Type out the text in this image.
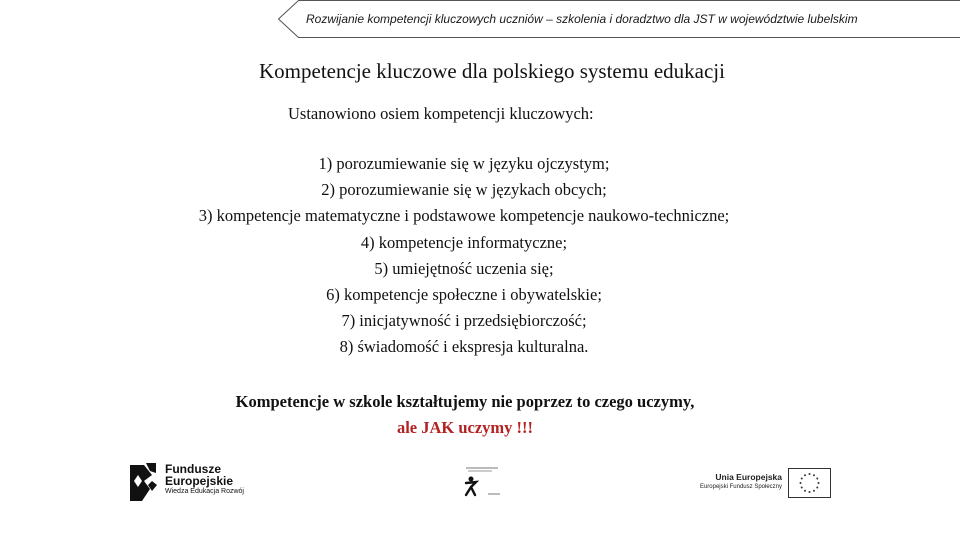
Rozwijanie kompetencji kluczowych uczniów – szkolenia i doradztwo dla JST w województwie lubelskim
Kompetencje kluczowe dla polskiego systemu edukacji
Ustanowiono osiem kompetencji kluczowych:
1) porozumiewanie się w języku ojczystym;
2) porozumiewanie się w językach obcych;
3) kompetencje matematyczne i podstawowe kompetencje naukowo-techniczne;
4) kompetencje informatyczne;
5) umiejętność uczenia się;
6) kompetencje społeczne i obywatelskie;
7) inicjatywność i przedsiębiorczość;
8) świadomość i ekspresja kulturalna.
Kompetencje w szkole kształtujemy nie poprzez to czego uczymy,
ale JAK uczymy !!!
Fundusze
Europejskie
Wiedza Edukacja Rozwój
Unia Europejska
Europejski Fundusz Społeczny
